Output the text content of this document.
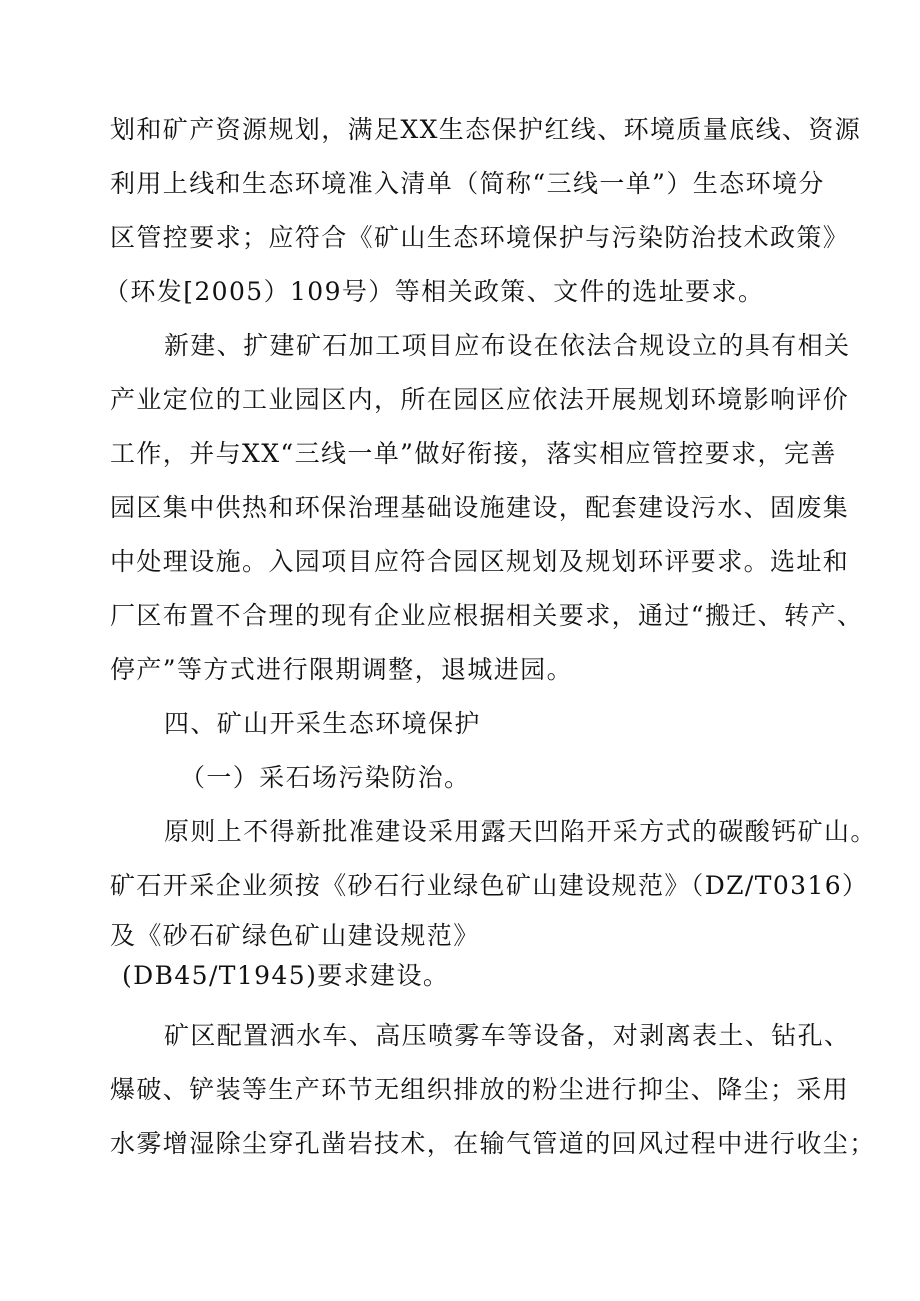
划和矿产资源规划，满足XX生态保护红线、环境质量底线、资源
利用上线和生态环境准入清单（简称“三线一单”）生态环境分
区管控要求；应符合《矿山生态环境保护与污染防治技术政策》
（环发[2005）109号）等相关政策、文件的选址要求。
新建、扩建矿石加工项目应布设在依法合规设立的具有相关
产业定位的工业园区内，所在园区应依法开展规划环境影响评价
工作，并与XX“三线一单”做好衔接，落实相应管控要求，完善
园区集中供热和环保治理基础设施建设，配套建设污水、固废集
中处理设施。入园项目应符合园区规划及规划环评要求。选址和
厂区布置不合理的现有企业应根据相关要求，通过“搬迁、转产、
停产”等方式进行限期调整，退城进园。
四、矿山开采生态环境保护
（一）采石场污染防治。
原则上不得新批准建设采用露天凹陷开采方式的碳酸钙矿山。
矿石开采企业须按《砂石行业绿色矿山建设规范》（DZ/T0316）
及《砂石矿绿色矿山建设规范》
(DB45/T1945)要求建设。
矿区配置洒水车、高压喷雾车等设备，对剥离表土、钻孔、
爆破、铲装等生产环节无组织排放的粉尘进行抑尘、降尘；采用
水雾增湿除尘穿孔凿岩技术，在输气管道的回风过程中进行收尘；
